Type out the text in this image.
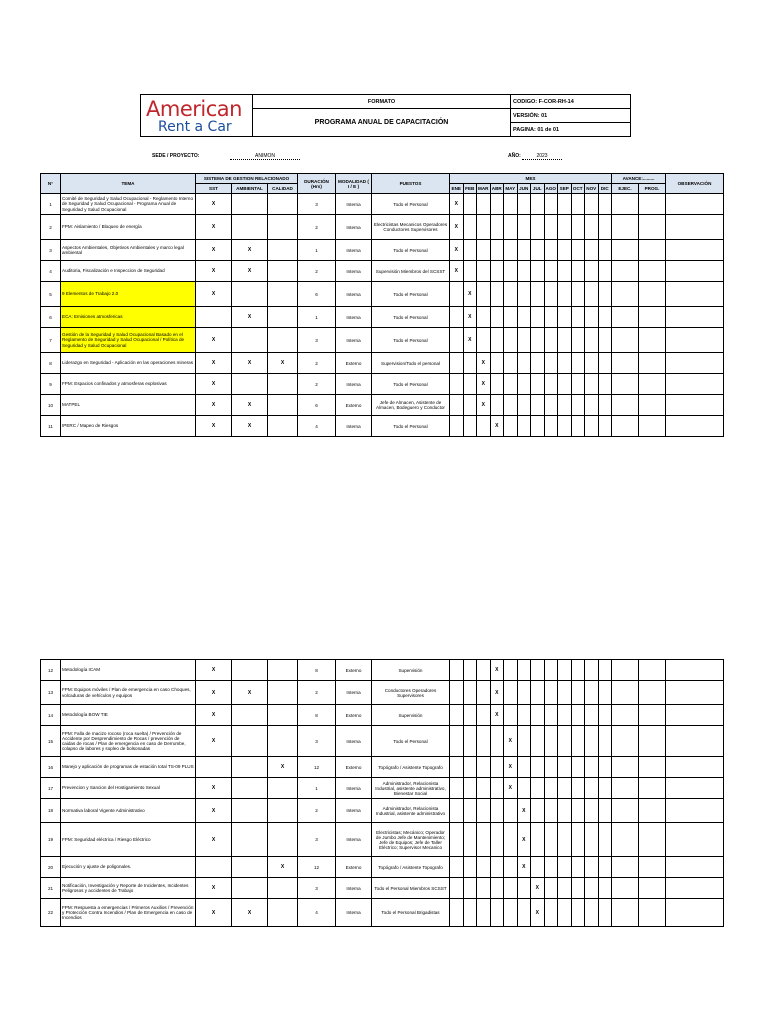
American
Rent a Car
	FORMATO	CODIGO: F-COR-RH-14
	PROGRAMA ANUAL DE CAPACITACIÓN	VERSIÓN: 01
		PAGINA: 01 de 01
SEDE / PROYECTO:	ANIMON	AÑO:	2023
N°	TEMA	SISTEMA DE GESTION RELACIONADO			DURACIÓN (Hrs)	MODALIDAD ( I / E )	PUESTOS	MES												AVANCE:.........		OBSERVACIÓN
		SST	AMBIENTAL	CALIDAD				ENE	FEB	MAR	ABR	MAY	JUN	JUL	AGO	SEP	OCT	NOV	DIC	EJEC.	PROG.	
1	Comité de Seguridad y Salud Ocupacional - Reglamento Interno de Seguridad y Salud Ocupacional - Programa Anual de Seguridad y Salud Ocupacional	X			3	Interna	Todo el Personal	X														
2	FPM: Aislamiento / Bloqueo de energía	X			2	Interna	Electricistas Mecanicos Operadores Conductores Supervisores	X														
3	Aspectos Ambientales, Objetivos Ambientales y marco legal ambiental	X	X		1	Interna	Todo el Personal	X														
4	Auditoria, Fiscalización e Inspeccion de Seguridad	X	X		2	Interna	Supervisión Miembros del SCSST	X														
5	9 Elementos de Trabajo 2.0	X			6	Interna	Todo el Personal		X													
6	ECA: Emisiones atmosfericas		X		1	Interna	Todo el Personal		X													
7	Gestión de la Seguridad y Salud Ocupacional Basado en el Reglamento de Seguridad y Salud Ocupacional / Política de Seguridad y Salud Ocupacional	X			3	Interna	Todo el Personal		X													
8	Liderazgo en Seguridad - Aplicación en las operaciones mineras	X	X	X	2	Externo	Supervision/Todo el personal			X												
9	FPM: Espacios confinados y atmosferas explosivas	X			2	Interna	Todo el Personal			X												
10	MATPEL	X	X		6	Externo	Jefe de Almacen, Asistente de Almacen, Bodeguero y Conductor			X												
11	IPERC / Mapeo de Riesgos	X	X		4	Interna	Todo el Personal				X											
12	Metodología ICAM	X			8	Externo	Supervisión				X											
13	FPM: Equipos móviles / Plan de emergencia en caso Choques, volcaduras de vehículos y equipos	X	X		2	Interna	Conductores Operadores Supervisores				X											
14	Metodología BOW TIE	X			8	Externo	Supervisión				X											
15	FPM: Falla de macizo rocoso (roca suelta) / Prevención de Accidente por Desprendimiento de Rocas / prevención de caidas de rocas / Plan de emergencia en caso de Derrumbe, colapso de labores y sopleo de bolsonadas	X			3	Interna	Todo el Personal					X										
16	Manejo y aplicación de programas de estación total TS-09 PLUS			X	12	Externo	Topógrafo / Asistente Topografo					X										
17	Prevencion y Sancion del Hostigamiento Sexual	X			1	Interna	Administrador, Relacionista Industrial, asistente administrativo, Bienestar Social					X										
18	Normativa laboral Vigente Administrativo	X			2	Interna	Administrador, Relacionista Industrial, asistente administrativo						X									
19	FPM: Seguridad eléctrica / Riesgo Eléctrico	X			3	Interna	Electricistas; Mecánico; Operador de Jumbo Jefe de Mantenimiento; Jefe de Equipos; Jefe de Taller Eléctrico; Supervisor Mecanico						X									
20	Ejecución y ajuste de poligonales.			X	12	Externo	Topógrafo / Asistente Topografo						X									
21	Notificación, Investigación y Reporte de Incidentes, Incidentes Peligrosos y accidentes de Trabajo	X			3	Interna	Todo el Personal Miembros SCSST							X								
22	FPM: Respuesta a emergencias / Primeros Auxilios / Prevención y Protección Contra Incendios / Plan de Emergencia en caso de Incendios	X	X		4	Interna	Todo el Personal Brigadistas							X								
